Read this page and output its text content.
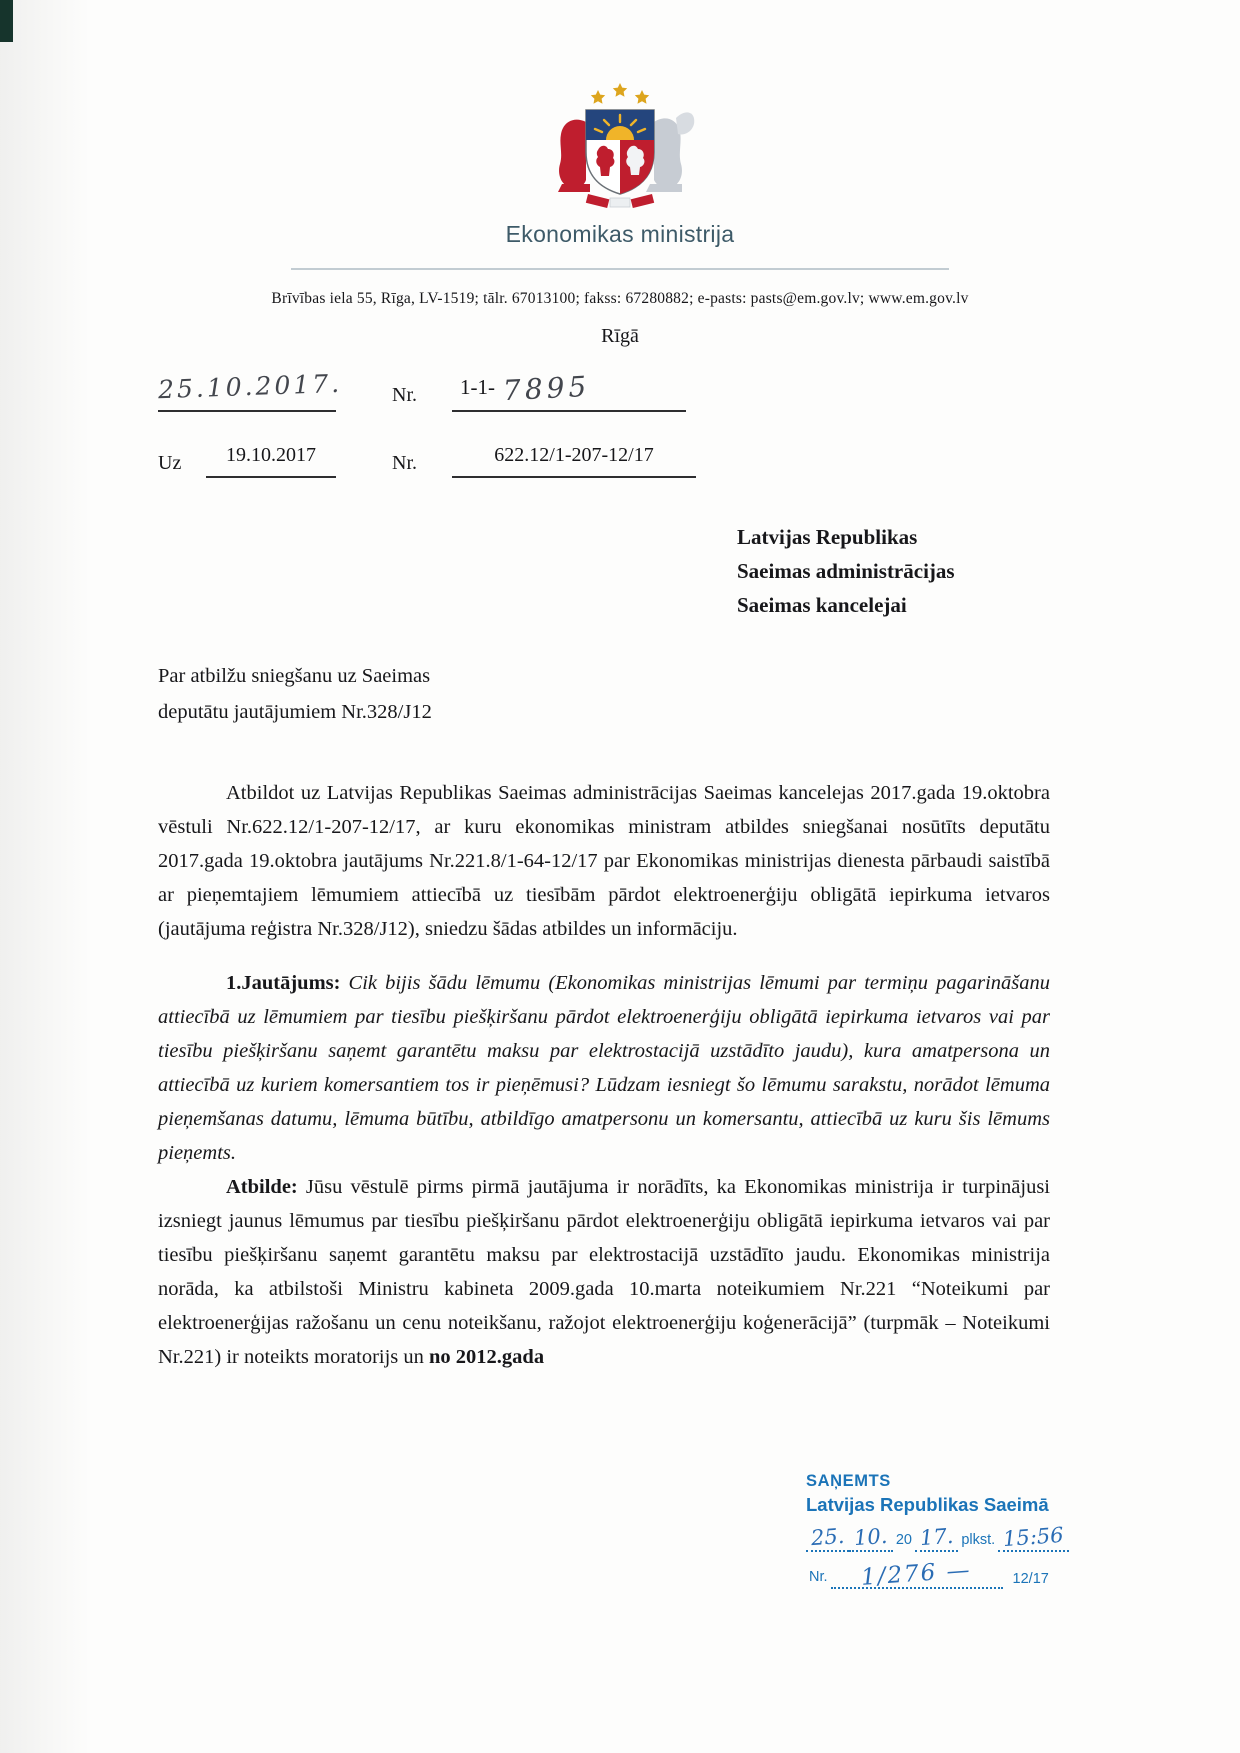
Ekonomikas ministrija
Brīvības iela 55, Rīga, LV-1519; tālr. 67013100; fakss: 67280882; e-pasts: pasts@em.gov.lv; www.em.gov.lv
Rīgā
25.10.2017. Nr.	1-1- 7895
Uz	19.10.2017	Nr.	622.12/1-207-12/17
Latvijas Republikas
Saeimas administrācijas
Saeimas kancelejai
Par atbilžu sniegšanu uz Saeimas
deputātu jautājumiem Nr.328/J12

Atbildot uz Latvijas Republikas Saeimas administrācijas Saeimas kancelejas 2017.gada 19.oktobra vēstuli Nr.622.12/1-207-12/17, ar kuru ekonomikas ministram atbildes sniegšanai nosūtīts deputātu 2017.gada 19.oktobra jautājums Nr.221.8/1-64-12/17 par Ekonomikas ministrijas dienesta pārbaudi saistībā ar pieņemtajiem lēmumiem attiecībā uz tiesībām pārdot elektroenerģiju obligātā iepirkuma ietvaros (jautājuma reģistra Nr.328/J12), sniedzu šādas atbildes un informāciju.

1.Jautājums: Cik bijis šādu lēmumu (Ekonomikas ministrijas lēmumi par termiņu pagarināšanu attiecībā uz lēmumiem par tiesību piešķiršanu pārdot elektroenerģiju obligātā iepirkuma ietvaros vai par tiesību piešķiršanu saņemt garantētu maksu par elektrostacijā uzstādīto jaudu), kura amatpersona un attiecībā uz kuriem komersantiem tos ir pieņēmusi? Lūdzam iesniegt šo lēmumu sarakstu, norādot lēmuma pieņemšanas datumu, lēmuma būtību, atbildīgo amatpersonu un komersantu, attiecībā uz kuru šis lēmums pieņemts.

Atbilde: Jūsu vēstulē pirms pirmā jautājuma ir norādīts, ka Ekonomikas ministrija ir turpinājusi izsniegt jaunus lēmumus par tiesību piešķiršanu pārdot elektroenerģiju obligātā iepirkuma ietvaros vai par tiesību piešķiršanu saņemt garantētu maksu par elektrostacijā uzstādīto jaudu. Ekonomikas ministrija norāda, ka atbilstoši Ministru kabineta 2009.gada 10.marta noteikumiem Nr.221 “Noteikumi par elektroenerģijas ražošanu un cenu noteikšanu, ražojot elektroenerģiju koģenerācijā” (turpmāk – Noteikumi Nr.221) ir noteikts moratorijs un no 2012.gada

SAŅEMTS
Latvijas Republikas Saeimā
25. 10. 20 17. plkst. 15:56
Nr.	1/276 —	12/17
